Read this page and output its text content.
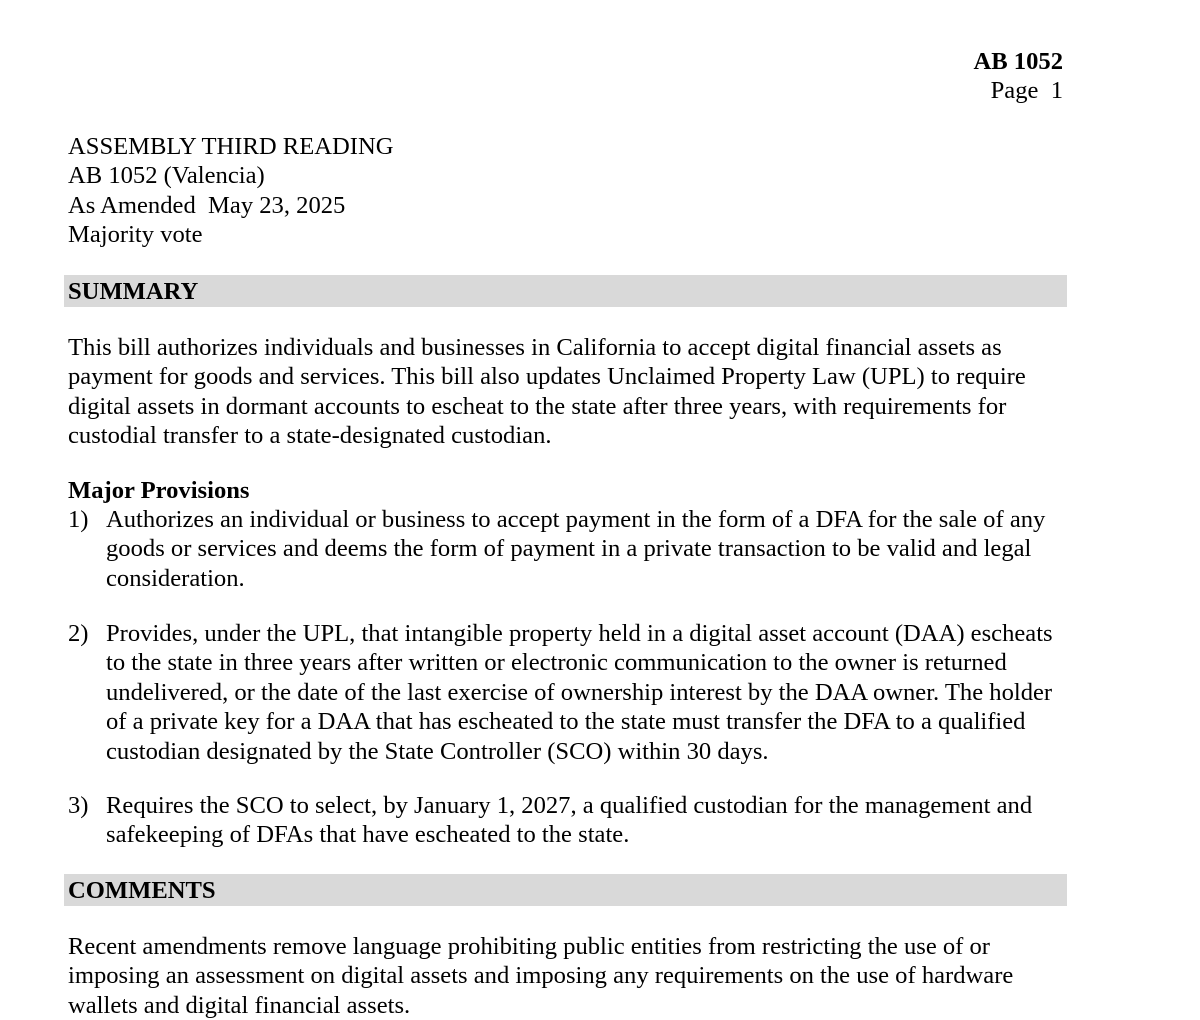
AB 1052
Page  1
ASSEMBLY THIRD READING
AB 1052 (Valencia)
As Amended  May 23, 2025
Majority vote
SUMMARY

This bill authorizes individuals and businesses in California to accept digital financial assets as payment for goods and services. This bill also updates Unclaimed Property Law (UPL) to require digital assets in dormant accounts to escheat to the state after three years, with requirements for custodial transfer to a state-designated custodian.

Major Provisions
1) Authorizes an individual or business to accept payment in the form of a DFA for the sale of any goods or services and deems the form of payment in a private transaction to be valid and legal consideration.
2) Provides, under the UPL, that intangible property held in a digital asset account (DAA) escheats to the state in three years after written or electronic communication to the owner is returned undelivered, or the date of the last exercise of ownership interest by the DAA owner. The holder of a private key for a DAA that has escheated to the state must transfer the DFA to a qualified custodian designated by the State Controller (SCO) within 30 days.
3) Requires the SCO to select, by January 1, 2027, a qualified custodian for the management and safekeeping of DFAs that have escheated to the state.
COMMENTS

Recent amendments remove language prohibiting public entities from restricting the use of or imposing an assessment on digital assets and imposing any requirements on the use of hardware wallets and digital financial assets.
